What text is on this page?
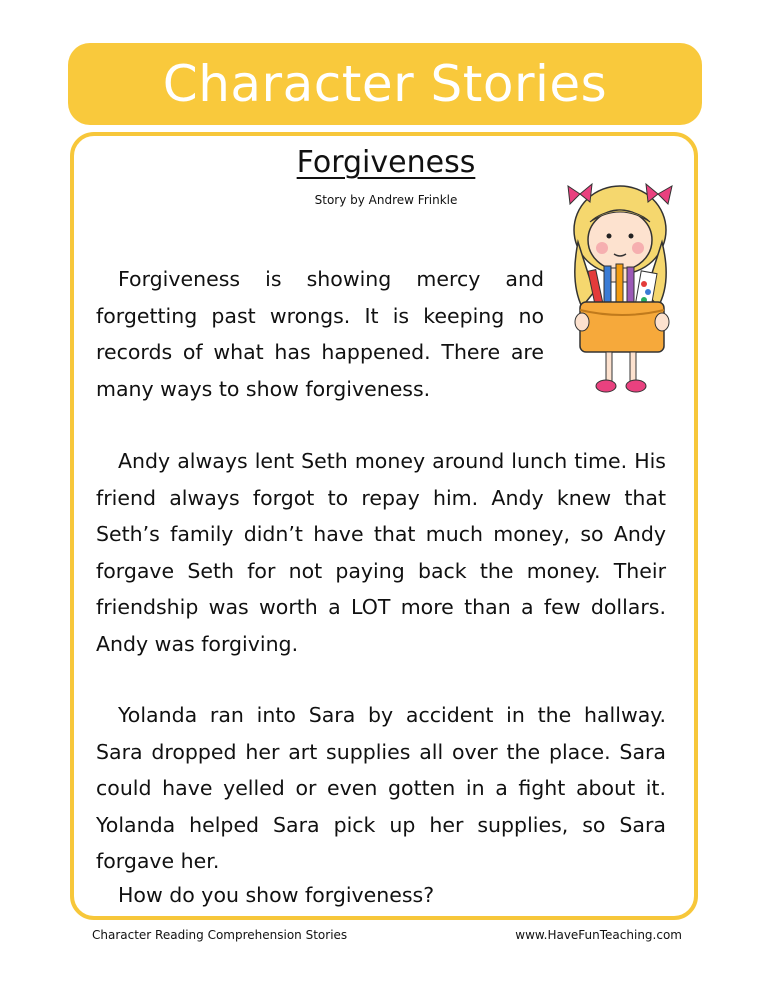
Character Stories
Forgiveness
Story by Andrew Frinkle

Forgiveness is showing mercy and forgetting past wrongs. It is keeping no records of what has happened. There are many ways to show forgiveness.

Andy always lent Seth money around lunch time. His friend always forgot to repay him. Andy knew that Seth’s family didn’t have that much money, so Andy forgave Seth for not paying back the money. Their friendship was worth a LOT more than a few dollars. Andy was forgiving.

Yolanda ran into Sara by accident in the hallway. Sara dropped her art supplies all over the place. Sara could have yelled or even gotten in a fight about it. Yolanda helped Sara pick up her supplies, so Sara forgave her.

How do you show forgiveness?

Character Reading Comprehension Stories	www.HaveFunTeaching.com
